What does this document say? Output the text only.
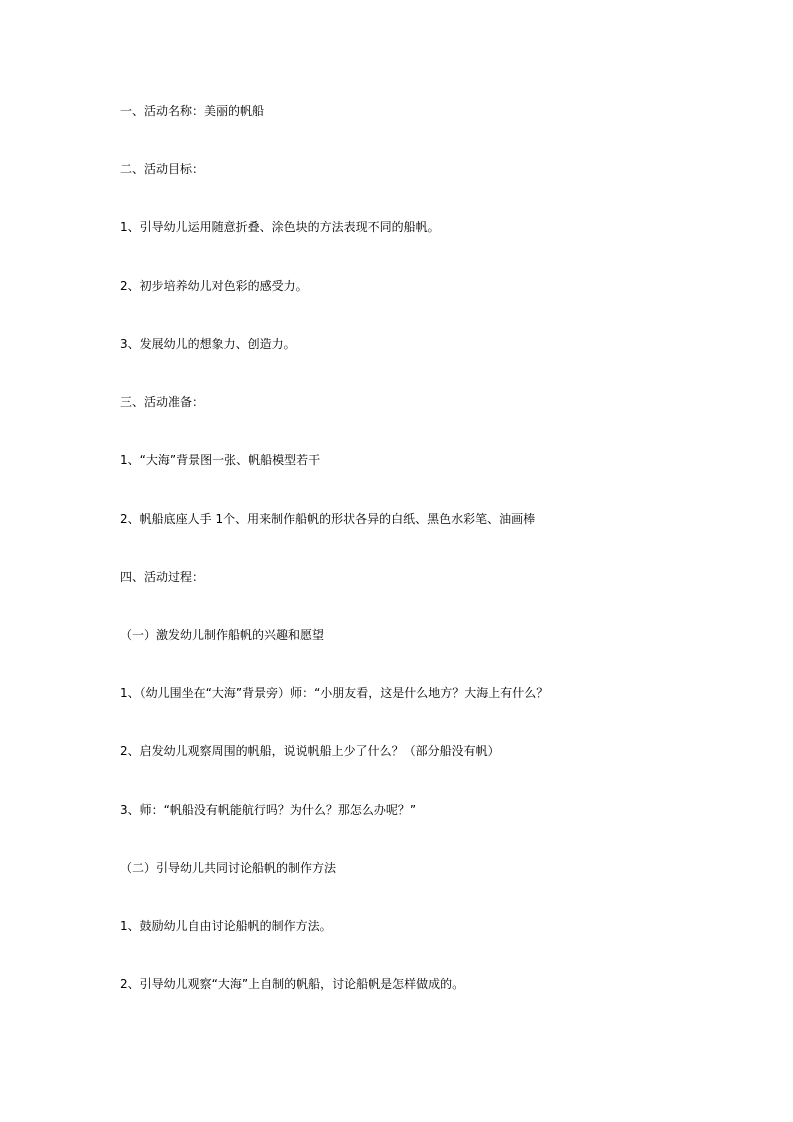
一、活动名称：美丽的帆船
二、活动目标：
1、引导幼儿运用随意折叠、涂色块的方法表现不同的船帆。
2、初步培养幼儿对色彩的感受力。
3、发展幼儿的想象力、创造力。
三、活动准备：
1、“大海”背景图一张、帆船模型若干
2、帆船底座人手 1个、用来制作船帆的形状各异的白纸、黑色水彩笔、油画棒
四、活动过程：
（一）激发幼儿制作船帆的兴趣和愿望
1、（幼儿围坐在“大海”背景旁）师：“小朋友看，这是什么地方？大海上有什么？
2、启发幼儿观察周围的帆船，说说帆船上少了什么？（部分船没有帆）
3、师：“帆船没有帆能航行吗？为什么？那怎么办呢？”
（二）引导幼儿共同讨论船帆的制作方法
1、鼓励幼儿自由讨论船帆的制作方法。
2、引导幼儿观察“大海”上自制的帆船，讨论船帆是怎样做成的。
